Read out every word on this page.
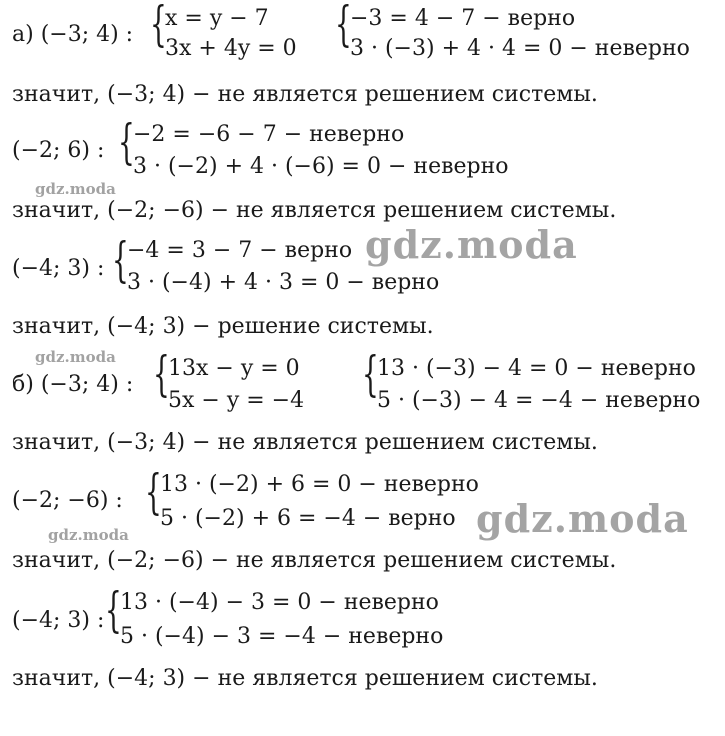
а) (−3; 4) : {
x = y − 7
3x + 4y = 0 {
−3 = 4 − 7 − верно
3 · (−3) + 4 · 4 = 0 − неверно
значит, (−3; 4) − не является решением системы.
(−2; 6) : {
−2 = −6 − 7 − неверно
3 · (−2) + 4 · (−6) = 0 − неверно
gdz.moda
значит, (−2; −6) − не является решением системы.
(−4; 3) : {
−4 = 3 − 7 − верно
3 · (−4) + 4 · 3 = 0 − верно
gdz.moda
значит, (−4; 3) − решение системы.
gdz.moda
б) (−3; 4) : {
13x − y = 0
5x − y = −4 {
13 · (−3) − 4 = 0 − неверно
5 · (−3) − 4 = −4 − неверно
значит, (−3; 4) − не является решением системы.
(−2; −6) : {
13 · (−2) + 6 = 0 − неверно
5 · (−2) + 6 = −4 − верно
gdz.moda	gdz.moda
значит, (−2; −6) − не является решением системы.
(−4; 3) : {
13 · (−4) − 3 = 0 − неверно
5 · (−4) − 3 = −4 − неверно
значит, (−4; 3) − не является решением системы.
